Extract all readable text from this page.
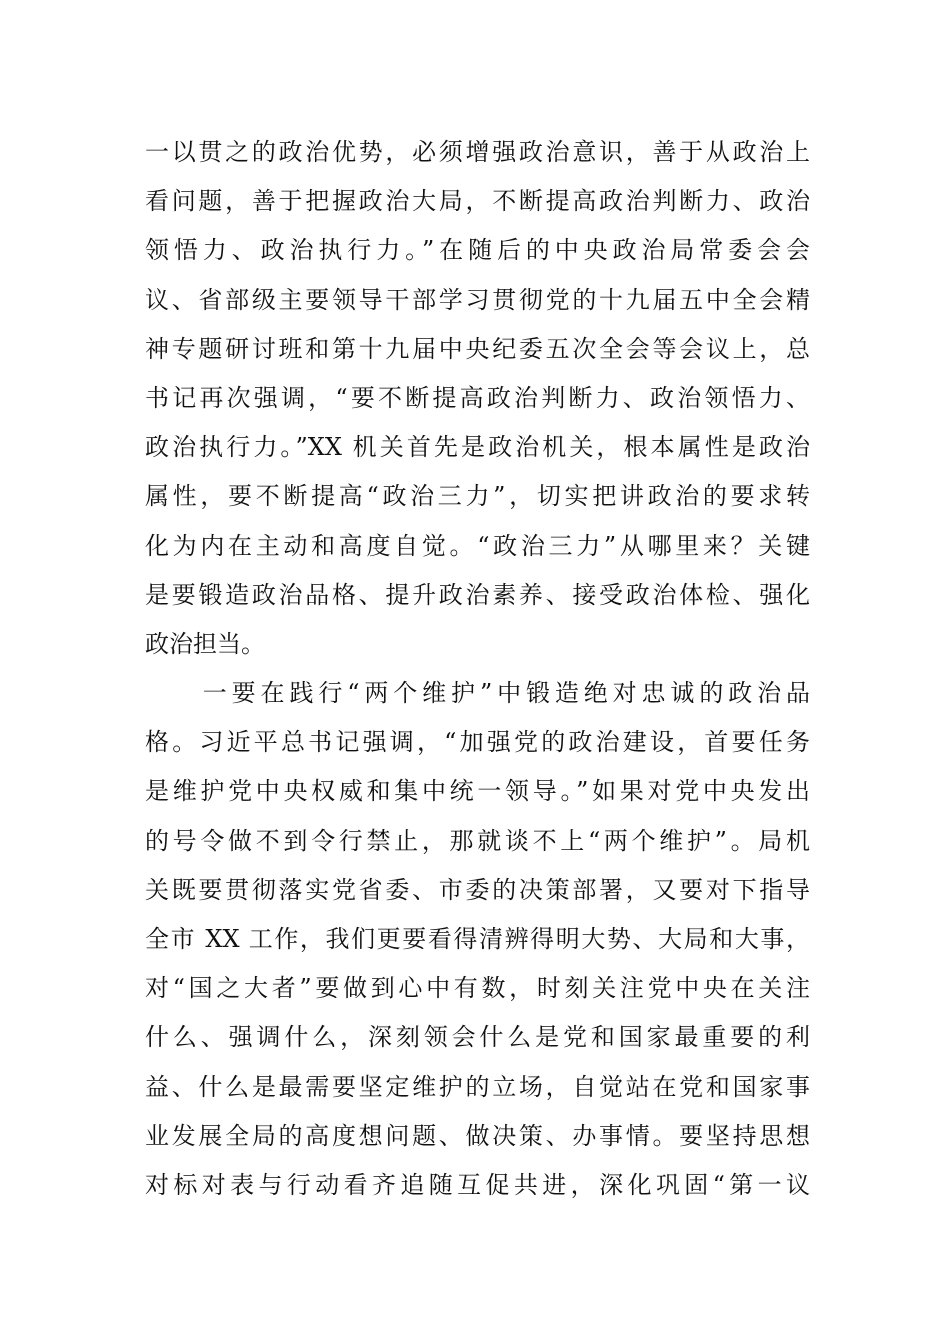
一以贯之的政治优势，必须增强政治意识，善于从政治上
看问题，善于把握政治大局，不断提高政治判断力、政治
领悟力、政治执行力。”在随后的中央政治局常委会会
议、省部级主要领导干部学习贯彻党的十九届五中全会精
神专题研讨班和第十九届中央纪委五次全会等会议上，总
书记再次强调，“要不断提高政治判断力、政治领悟力、
政治执行力。”XX 机关首先是政治机关，根本属性是政治
属性，要不断提高“政治三力”，切实把讲政治的要求转
化为内在主动和高度自觉。“政治三力”从哪里来？关键
是要锻造政治品格、提升政治素养、接受政治体检、强化
政治担当。
　　一要在践行“两个维护”中锻造绝对忠诚的政治品
格。习近平总书记强调，“加强党的政治建设，首要任务
是维护党中央权威和集中统一领导。”如果对党中央发出
的号令做不到令行禁止，那就谈不上“两个维护”。局机
关既要贯彻落实党省委、市委的决策部署，又要对下指导
全市 XX 工作，我们更要看得清辨得明大势、大局和大事，
对“国之大者”要做到心中有数，时刻关注党中央在关注
什么、强调什么，深刻领会什么是党和国家最重要的利
益、什么是最需要坚定维护的立场，自觉站在党和国家事
业发展全局的高度想问题、做决策、办事情。要坚持思想
对标对表与行动看齐追随互促共进，深化巩固“第一议
